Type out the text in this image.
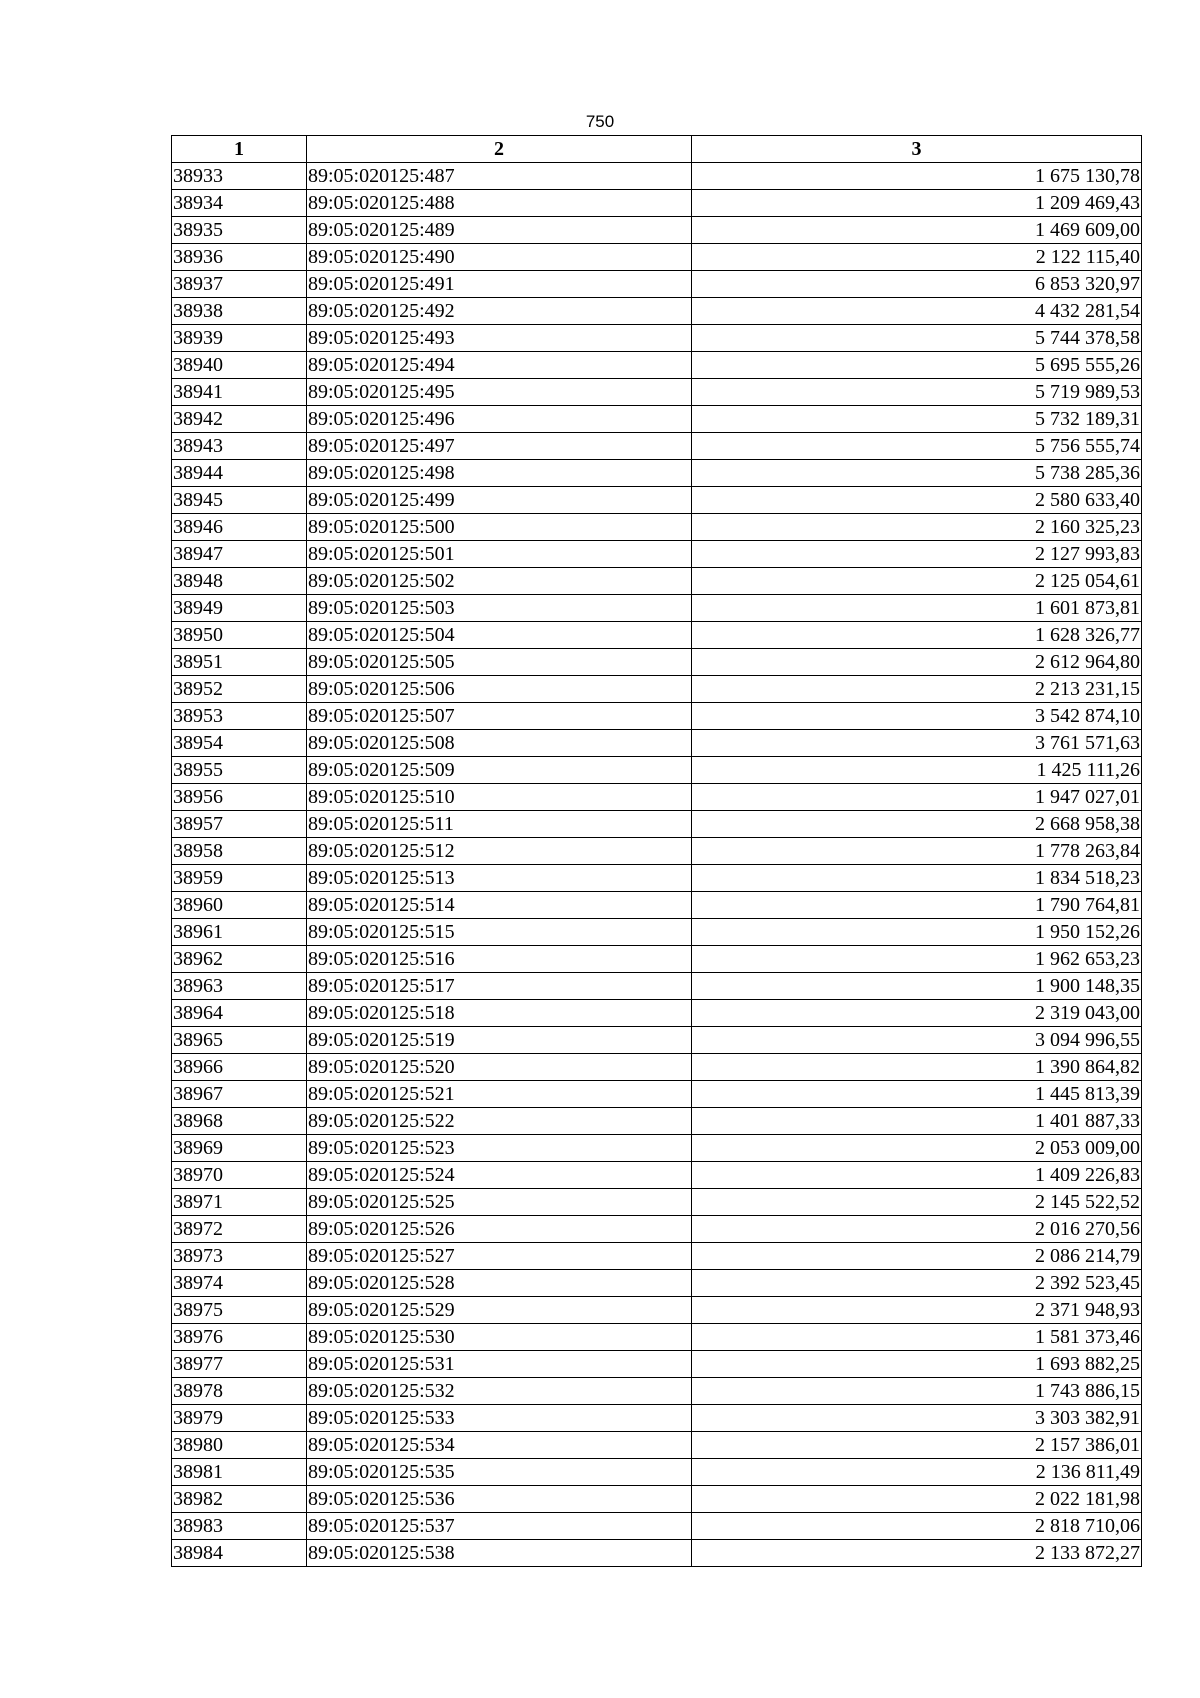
750
1	2	3
38933	89:05:020125:487	1 675 130,78
38934	89:05:020125:488	1 209 469,43
38935	89:05:020125:489	1 469 609,00
38936	89:05:020125:490	2 122 115,40
38937	89:05:020125:491	6 853 320,97
38938	89:05:020125:492	4 432 281,54
38939	89:05:020125:493	5 744 378,58
38940	89:05:020125:494	5 695 555,26
38941	89:05:020125:495	5 719 989,53
38942	89:05:020125:496	5 732 189,31
38943	89:05:020125:497	5 756 555,74
38944	89:05:020125:498	5 738 285,36
38945	89:05:020125:499	2 580 633,40
38946	89:05:020125:500	2 160 325,23
38947	89:05:020125:501	2 127 993,83
38948	89:05:020125:502	2 125 054,61
38949	89:05:020125:503	1 601 873,81
38950	89:05:020125:504	1 628 326,77
38951	89:05:020125:505	2 612 964,80
38952	89:05:020125:506	2 213 231,15
38953	89:05:020125:507	3 542 874,10
38954	89:05:020125:508	3 761 571,63
38955	89:05:020125:509	1 425 111,26
38956	89:05:020125:510	1 947 027,01
38957	89:05:020125:511	2 668 958,38
38958	89:05:020125:512	1 778 263,84
38959	89:05:020125:513	1 834 518,23
38960	89:05:020125:514	1 790 764,81
38961	89:05:020125:515	1 950 152,26
38962	89:05:020125:516	1 962 653,23
38963	89:05:020125:517	1 900 148,35
38964	89:05:020125:518	2 319 043,00
38965	89:05:020125:519	3 094 996,55
38966	89:05:020125:520	1 390 864,82
38967	89:05:020125:521	1 445 813,39
38968	89:05:020125:522	1 401 887,33
38969	89:05:020125:523	2 053 009,00
38970	89:05:020125:524	1 409 226,83
38971	89:05:020125:525	2 145 522,52
38972	89:05:020125:526	2 016 270,56
38973	89:05:020125:527	2 086 214,79
38974	89:05:020125:528	2 392 523,45
38975	89:05:020125:529	2 371 948,93
38976	89:05:020125:530	1 581 373,46
38977	89:05:020125:531	1 693 882,25
38978	89:05:020125:532	1 743 886,15
38979	89:05:020125:533	3 303 382,91
38980	89:05:020125:534	2 157 386,01
38981	89:05:020125:535	2 136 811,49
38982	89:05:020125:536	2 022 181,98
38983	89:05:020125:537	2 818 710,06
38984	89:05:020125:538	2 133 872,27
